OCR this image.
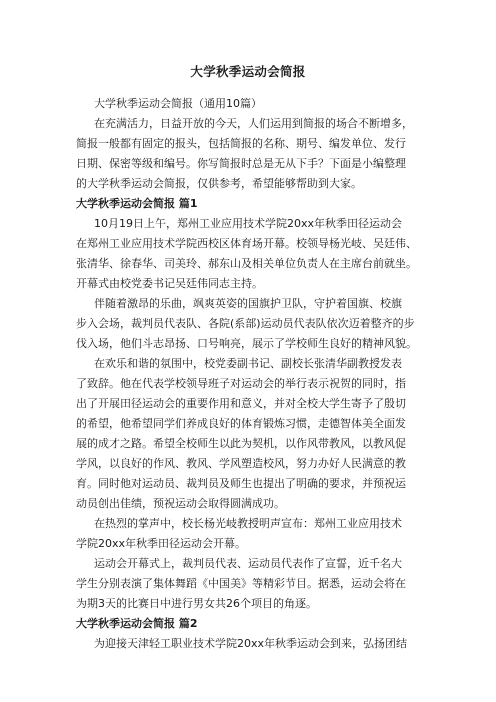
大学秋季运动会简报
大学秋季运动会简报（通用10篇）
在充满活力，日益开放的今天，人们运用到简报的场合不断增多，
简报一般都有固定的报头，包括简报的名称、期号、编发单位、发行
日期、保密等级和编号。你写简报时总是无从下手？下面是小编整理
的大学秋季运动会简报，仅供参考，希望能够帮助到大家。
大学秋季运动会简报 篇1
10月19日上午，郑州工业应用技术学院20xx年秋季田径运动会
在郑州工业应用技术学院西校区体育场开幕。校领导杨光岐、吴廷伟、
张清华、徐春华、司美玲、郝东山及相关单位负责人在主席台前就坐。
开幕式由校党委书记吴廷伟同志主持。
伴随着激昂的乐曲，飒爽英姿的国旗护卫队，守护着国旗、校旗
步入会场，裁判员代表队、各院(系部)运动员代表队依次迈着整齐的步
伐入场，他们斗志昂扬、口号响亮，展示了学校师生良好的精神风貌。
在欢乐和谐的氛围中，校党委副书记、副校长张清华副教授发表
了致辞。他在代表学校领导班子对运动会的举行表示祝贺的同时，指
出了开展田径运动会的重要作用和意义，并对全校大学生寄予了殷切
的希望，他希望同学们养成良好的体育锻炼习惯，走德智体美全面发
展的成才之路。希望全校师生以此为契机，以作风带教风，以教风促
学风，以良好的作风、教风、学风塑造校风，努力办好人民满意的教
育。同时他对运动员、裁判员及师生也提出了明确的要求，并预祝运
动员创出佳绩，预祝运动会取得圆满成功。
在热烈的掌声中，校长杨光岐教授明声宣布：郑州工业应用技术
学院20xx年秋季田径运动会开幕。
运动会开幕式上，裁判员代表、运动员代表作了宣誓，近千名大
学生分别表演了集体舞蹈《中国美》等精彩节目。据悉，运动会将在
为期3天的比赛日中进行男女共26个项目的角逐。
大学秋季运动会简报 篇2
为迎接天津轻工职业技术学院20xx年秋季运动会到来，弘扬团结
